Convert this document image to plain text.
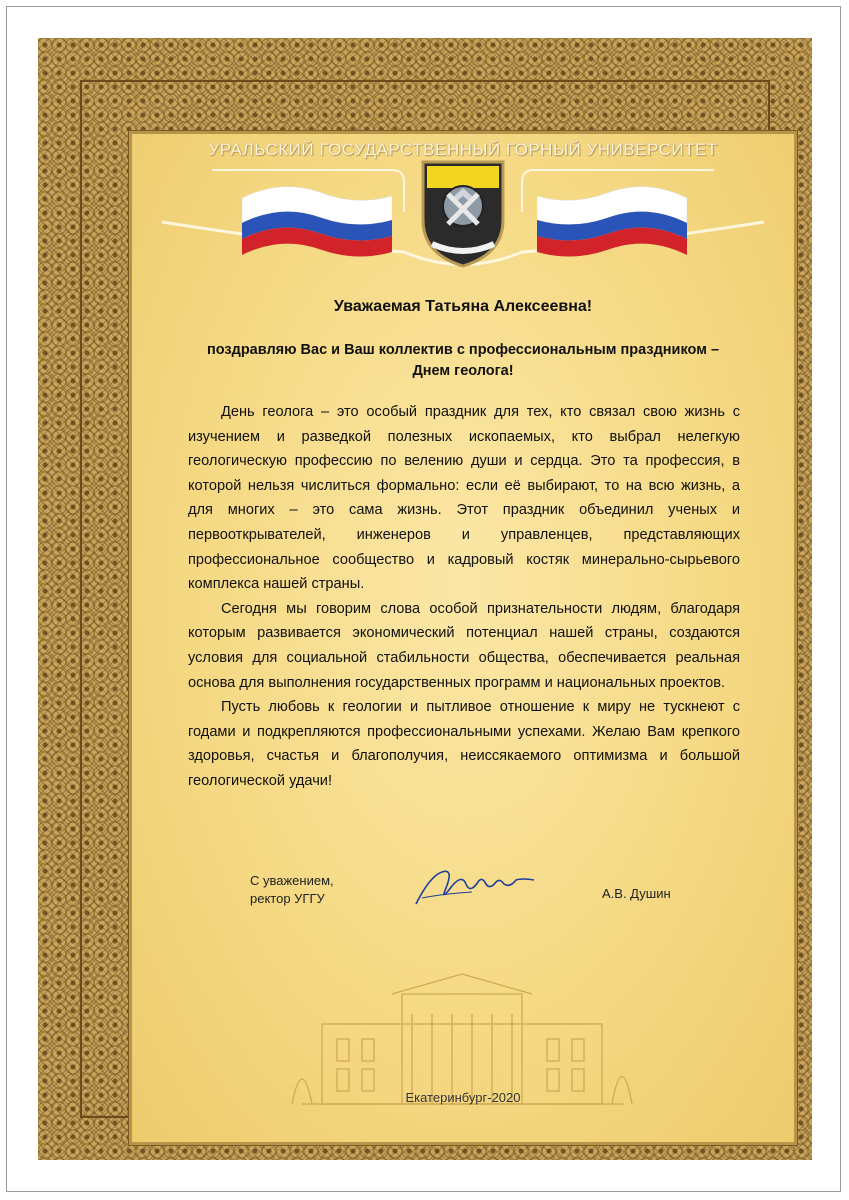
УРАЛЬСКИЙ ГОСУДАРСТВЕННЫЙ ГОРНЫЙ УНИВЕРСИТЕТ
Уважаемая Татьяна Алексеевна!
поздравляю Вас и Ваш коллектив с профессиональным праздником –
Днем геолога!

День геолога – это особый праздник для тех, кто связал свою жизнь с изучением и разведкой полезных ископаемых, кто выбрал нелегкую геологическую профессию по велению души и сердца. Это та профессия, в которой нельзя числиться формально: если её выбирают, то на всю жизнь, а для многих – это сама жизнь. Этот праздник объединил ученых и первооткрывателей, инженеров и управленцев, представляющих профессиональное сообщество и кадровый костяк минерально-сырьевого комплекса нашей страны.

Сегодня мы говорим слова особой признательности людям, благодаря которым развивается экономический потенциал нашей страны, создаются условия для социальной стабильности общества, обеспечивается реальная основа для выполнения государственных программ и национальных проектов.

Пусть любовь к геологии и пытливое отношение к миру не тускнеют с годами и подкрепляются профессиональными успехами. Желаю Вам крепкого здоровья, счастья и благополучия, неиссякаемого оптимизма и большой геологической удачи!

С уважением,
ректор УГГУ	А.В. Душин
Екатеринбург-2020
